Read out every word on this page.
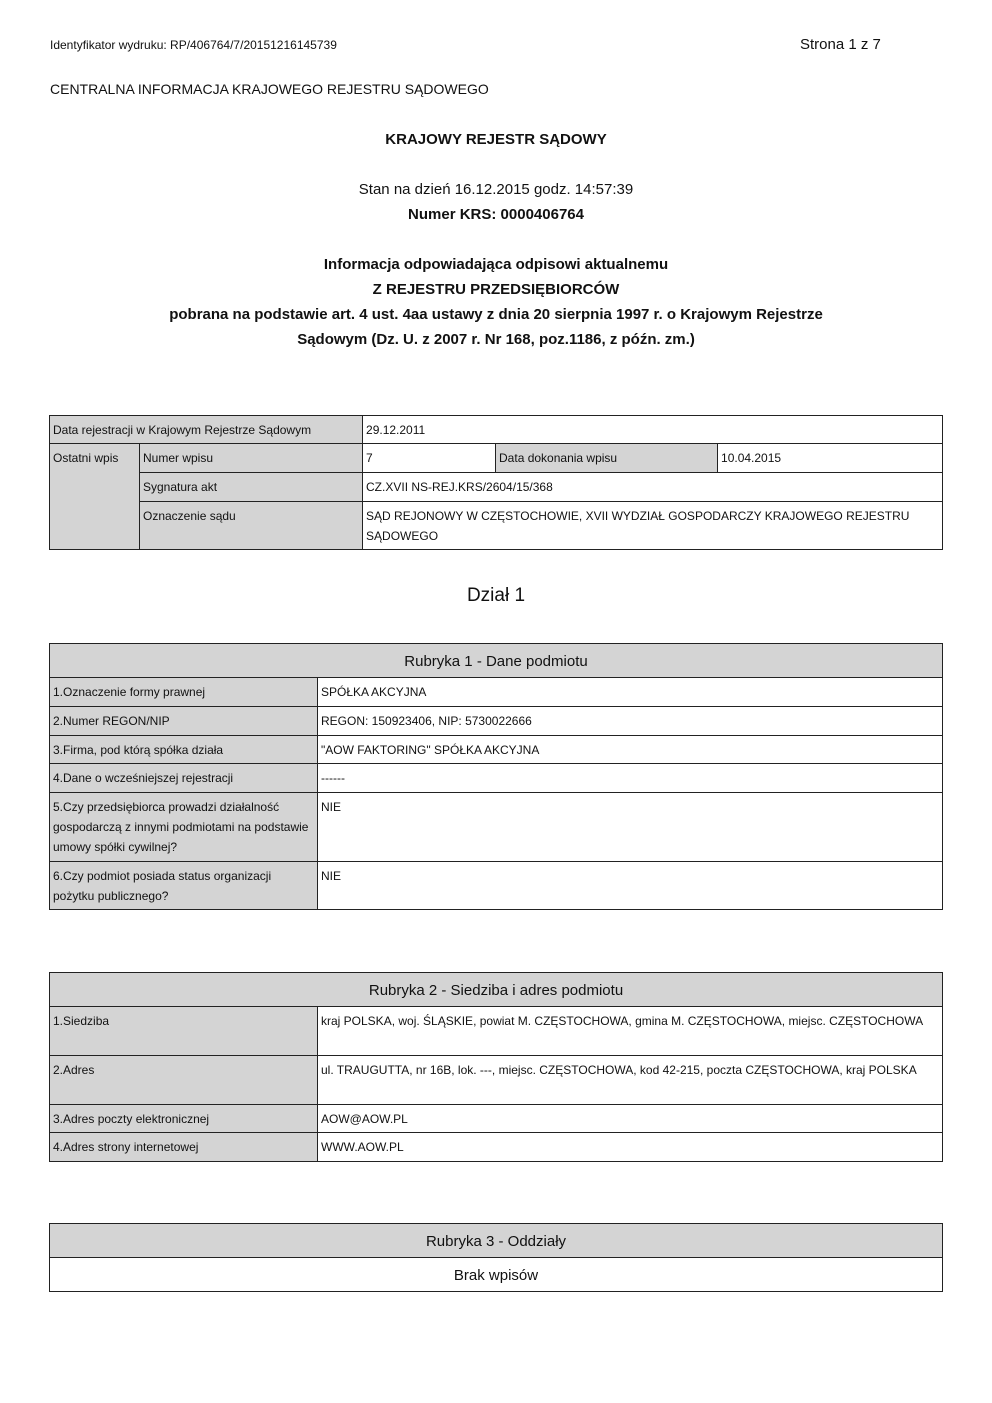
Identyfikator wydruku: RP/406764/7/20151216145739	Strona 1 z 7
CENTRALNA INFORMACJA KRAJOWEGO REJESTRU SĄDOWEGO
KRAJOWY REJESTR SĄDOWY
Stan na dzień 16.12.2015 godz. 14:57:39
Numer KRS: 0000406764
Informacja odpowiadająca odpisowi aktualnemu
Z REJESTRU PRZEDSIĘBIORCÓW
pobrana na podstawie art. 4 ust. 4aa ustawy z dnia 20 sierpnia 1997 r. o Krajowym Rejestrze
Sądowym (Dz. U. z 2007 r. Nr 168, poz.1186, z późn. zm.)
Data rejestracji w Krajowym Rejestrze Sądowym		29.12.2011		
Ostatni wpis	Numer wpisu	7	Data dokonania wpisu	10.04.2015
	Sygnatura akt	CZ.XVII NS-REJ.KRS/2604/15/368		
	Oznaczenie sądu	SĄD REJONOWY W CZĘSTOCHOWIE, XVII WYDZIAŁ GOSPODARCZY KRAJOWEGO REJESTRU SĄDOWEGO		
Dział 1
Rubryka 1 - Dane podmiotu	
1.Oznaczenie formy prawnej	SPÓŁKA AKCYJNA
2.Numer REGON/NIP	REGON: 150923406, NIP: 5730022666
3.Firma, pod którą spółka działa	"AOW FAKTORING" SPÓŁKA AKCYJNA
4.Dane o wcześniejszej rejestracji	------
5.Czy przedsiębiorca prowadzi działalność gospodarczą z innymi podmiotami na podstawie umowy spółki cywilnej?	NIE
6.Czy podmiot posiada status organizacji pożytku publicznego?	NIE
Rubryka 2 - Siedziba i adres podmiotu	
1.Siedziba	kraj POLSKA, woj. ŚLĄSKIE, powiat M. CZĘSTOCHOWA, gmina M. CZĘSTOCHOWA, miejsc. CZĘSTOCHOWA
2.Adres	ul. TRAUGUTTA, nr 16B, lok. ---, miejsc. CZĘSTOCHOWA, kod 42-215, poczta CZĘSTOCHOWA, kraj POLSKA
3.Adres poczty elektronicznej	AOW@AOW.PL
4.Adres strony internetowej	WWW.AOW.PL
Rubryka 3 - Oddziały
Brak wpisów
